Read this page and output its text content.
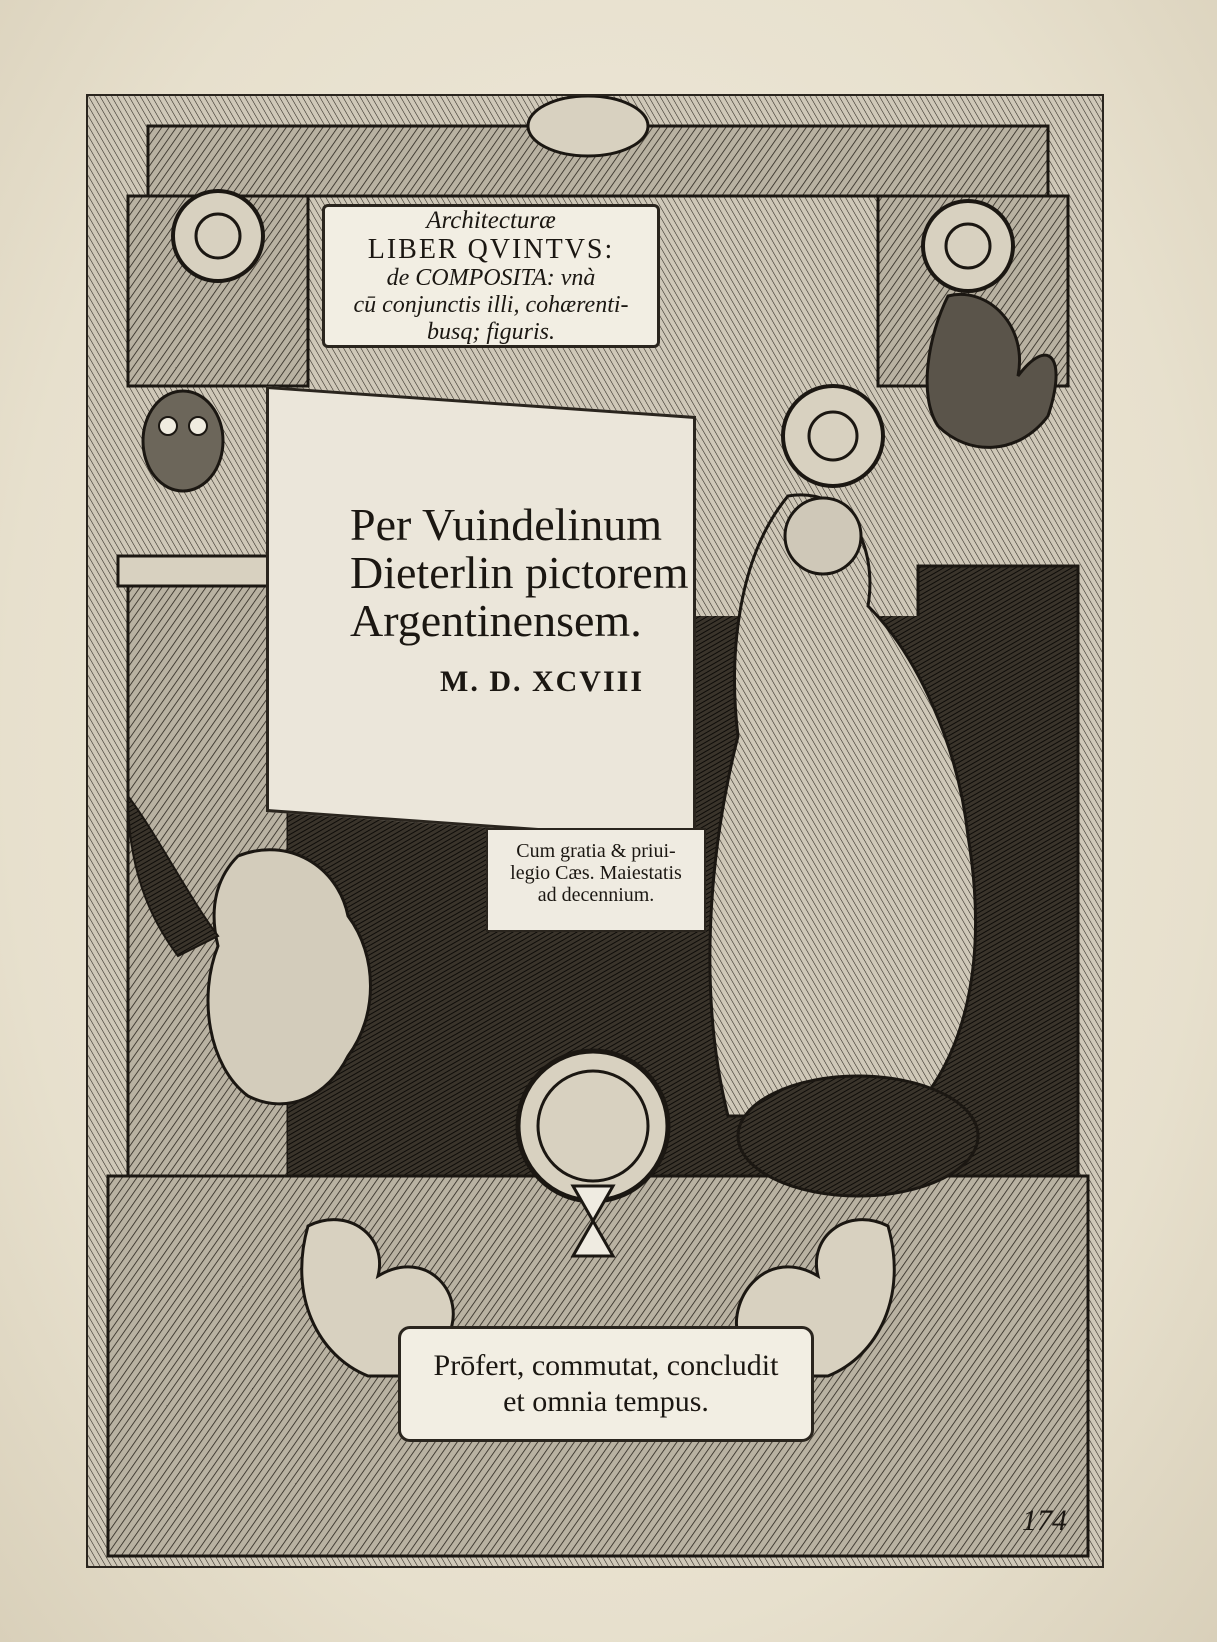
Architecturæ
LIBER QVINTVS:
de COMPOSITA: vnà
cū conjunctis illi, cohærenti-
busq; figuris.
Per Vuindelinum
Dieterlin pictorem
Argentinensem.
M. D. XCVIII
Cum gratia & priui-
legio Cæs. Maiestatis
ad decennium.
Prōfert, commutat, concludit
et omnia tempus.
174
